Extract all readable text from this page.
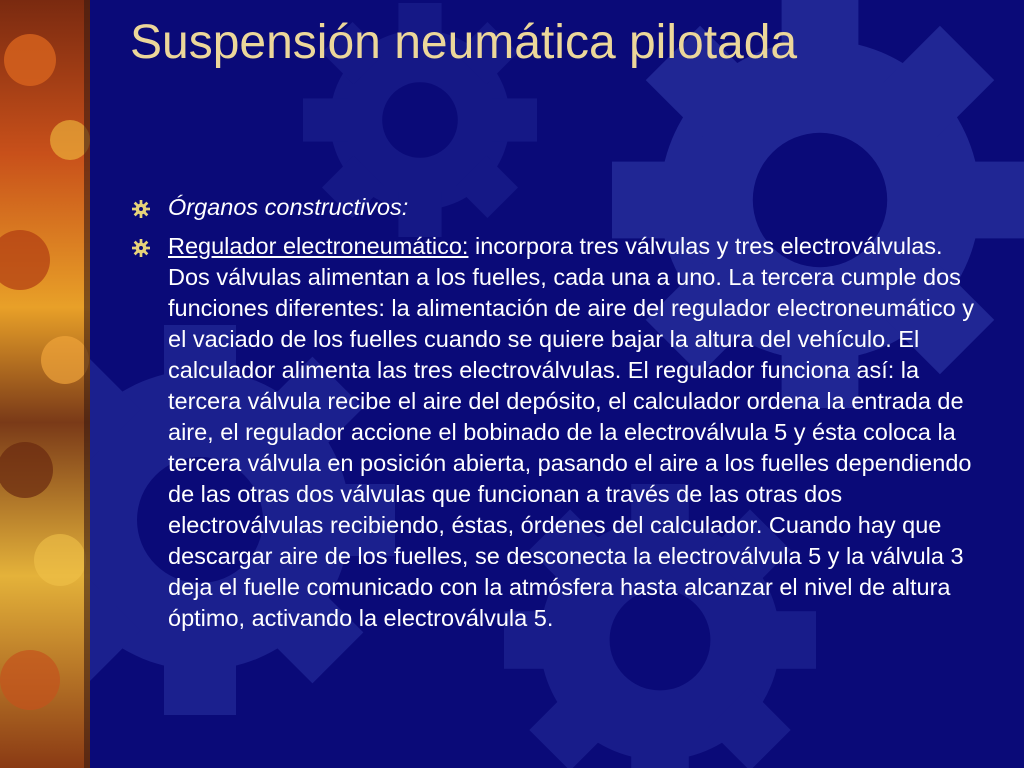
Suspensión neumática pilotada
Órganos constructivos:
Regulador electroneumático: incorpora tres válvulas y tres electroválvulas. Dos válvulas alimentan a los fuelles, cada una a uno. La tercera cumple dos funciones diferentes: la alimentación de aire del regulador electroneumático y el vaciado de los fuelles cuando se quiere bajar la altura del vehículo. El calculador alimenta las tres electroválvulas. El regulador funciona así: la tercera válvula recibe el aire del depósito, el calculador ordena la entrada de aire, el regulador accione el bobinado de la electroválvula 5 y ésta coloca la tercera válvula en posición abierta, pasando el aire a los fuelles dependiendo de las otras dos válvulas que funcionan a través de las otras dos electroválvulas recibiendo, éstas, órdenes del calculador. Cuando hay que descargar aire de los fuelles, se desconecta la electroválvula 5 y la válvula 3 deja el fuelle comunicado con la atmósfera hasta alcanzar el nivel de altura óptimo, activando la electroválvula 5.
